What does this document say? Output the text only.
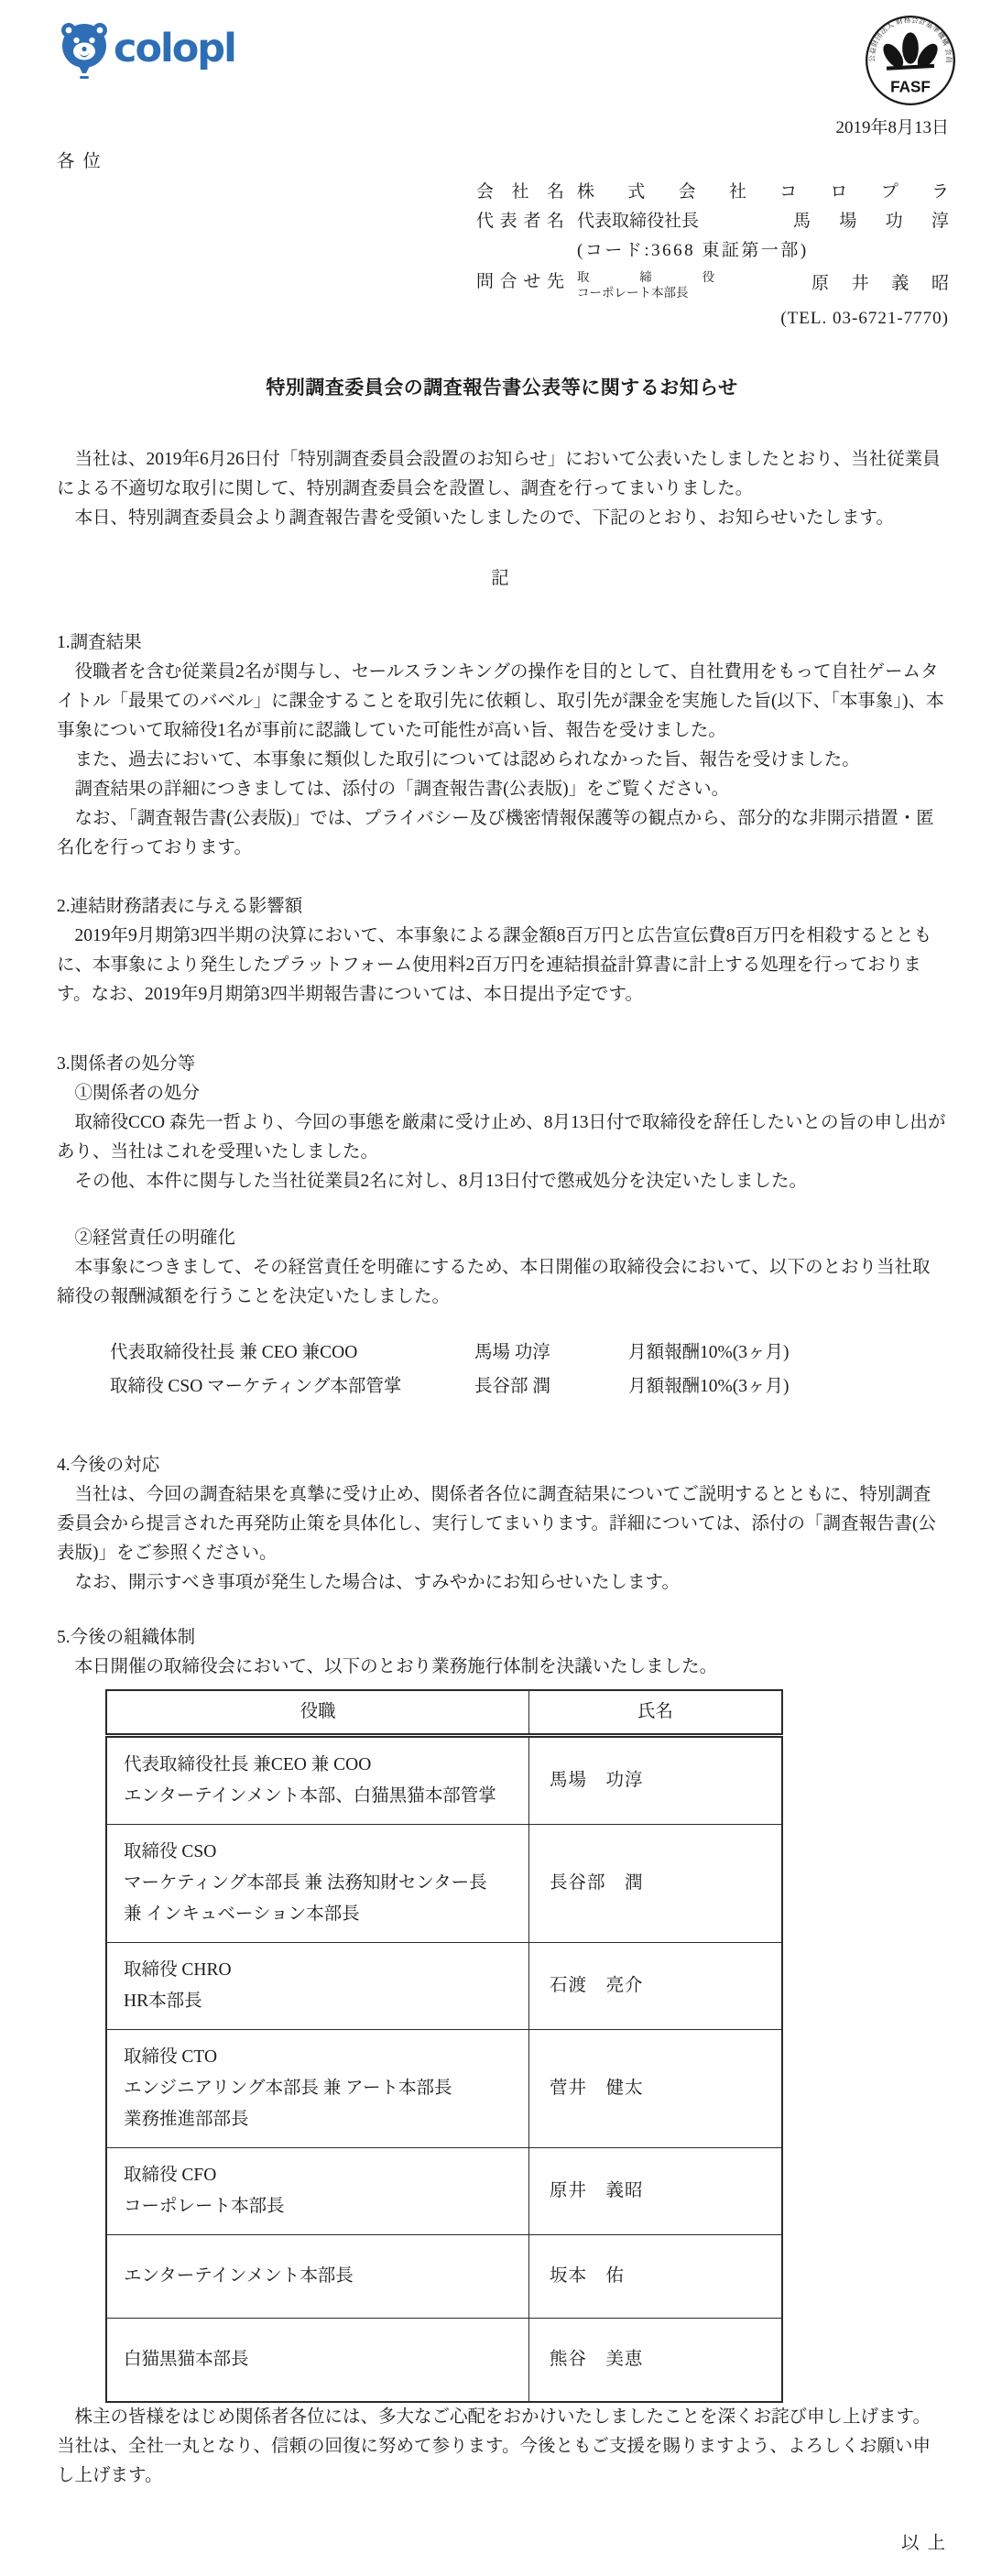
colopl	公益財団法人 財務会計基準機構 会員
FASF
2019年8月13日
各 位
会社名 株式会社コロプラ
代表者名 代表取締役社長	馬場功淳
(コード:3668 東証第一部)
問合せ先 取締役
コーポレート本部長	原井義昭
(TEL. 03-6721-7770)
特別調査委員会の調査報告書公表等に関するお知らせ

当社は、2019年6月26日付「特別調査委員会設置のお知らせ」において公表いたしましたとおり、当社従業員による不適切な取引に関して、特別調査委員会を設置し、調査を行ってまいりました。

本日、特別調査委員会より調査報告書を受領いたしましたので、下記のとおり、お知らせいたします。

記

1.調査結果

役職者を含む従業員2名が関与し、セールスランキングの操作を目的として、自社費用をもって自社ゲームタイトル「最果てのバベル」に課金することを取引先に依頼し、取引先が課金を実施した旨(以下、「本事象」)、本事象について取締役1名が事前に認識していた可能性が高い旨、報告を受けました。

また、過去において、本事象に類似した取引については認められなかった旨、報告を受けました。

調査結果の詳細につきましては、添付の「調査報告書(公表版)」をご覧ください。

なお、「調査報告書(公表版)」では、プライバシー及び機密情報保護等の観点から、部分的な非開示措置・匿名化を行っております。

2.連結財務諸表に与える影響額

2019年9月期第3四半期の決算において、本事象による課金額8百万円と広告宣伝費8百万円を相殺するとともに、本事象により発生したプラットフォーム使用料2百万円を連結損益計算書に計上する処理を行っております。なお、2019年9月期第3四半期報告書については、本日提出予定です。

3.関係者の処分等

①関係者の処分

取締役CCO 森先一哲より、今回の事態を厳粛に受け止め、8月13日付で取締役を辞任したいとの旨の申し出があり、当社はこれを受理いたしました。

その他、本件に関与した当社従業員2名に対し、8月13日付で懲戒処分を決定いたしました。

②経営責任の明確化

本事象につきまして、その経営責任を明確にするため、本日開催の取締役会において、以下のとおり当社取締役の報酬減額を行うことを決定いたしました。

代表取締役社長 兼 CEO 兼COO	馬場 功淳	月額報酬10%(3ヶ月)
取締役 CSO マーケティング本部管掌	長谷部 潤	月額報酬10%(3ヶ月)

4.今後の対応

当社は、今回の調査結果を真摯に受け止め、関係者各位に調査結果についてご説明するとともに、特別調査委員会から提言された再発防止策を具体化し、実行してまいります。詳細については、添付の「調査報告書(公表版)」をご参照ください。

なお、開示すべき事項が発生した場合は、すみやかにお知らせいたします。

5.今後の組織体制

本日開催の取締役会において、以下のとおり業務施行体制を決議いたしました。

役職	氏名

代表取締役社長 兼CEO 兼 COO
エンターテインメント本部、白猫黒猫本部管掌	馬場　功淳

取締役 CSO
マーケティング本部長 兼 法務知財センター長
兼 インキュベーション本部長	長谷部　潤

取締役 CHRO
HR本部長	石渡　亮介

取締役 CTO
エンジニアリング本部長 兼 アート本部長
業務推進部部長	菅井　健太

取締役 CFO
コーポレート本部長	原井　義昭

エンターテインメント本部長	坂本　佑

白猫黒猫本部長	熊谷　美恵

株主の皆様をはじめ関係者各位には、多大なご心配をおかけいたしましたことを深くお詫び申し上げます。当社は、全社一丸となり、信頼の回復に努めて参ります。今後ともご支援を賜りますよう、よろしくお願い申し上げます。

以 上
